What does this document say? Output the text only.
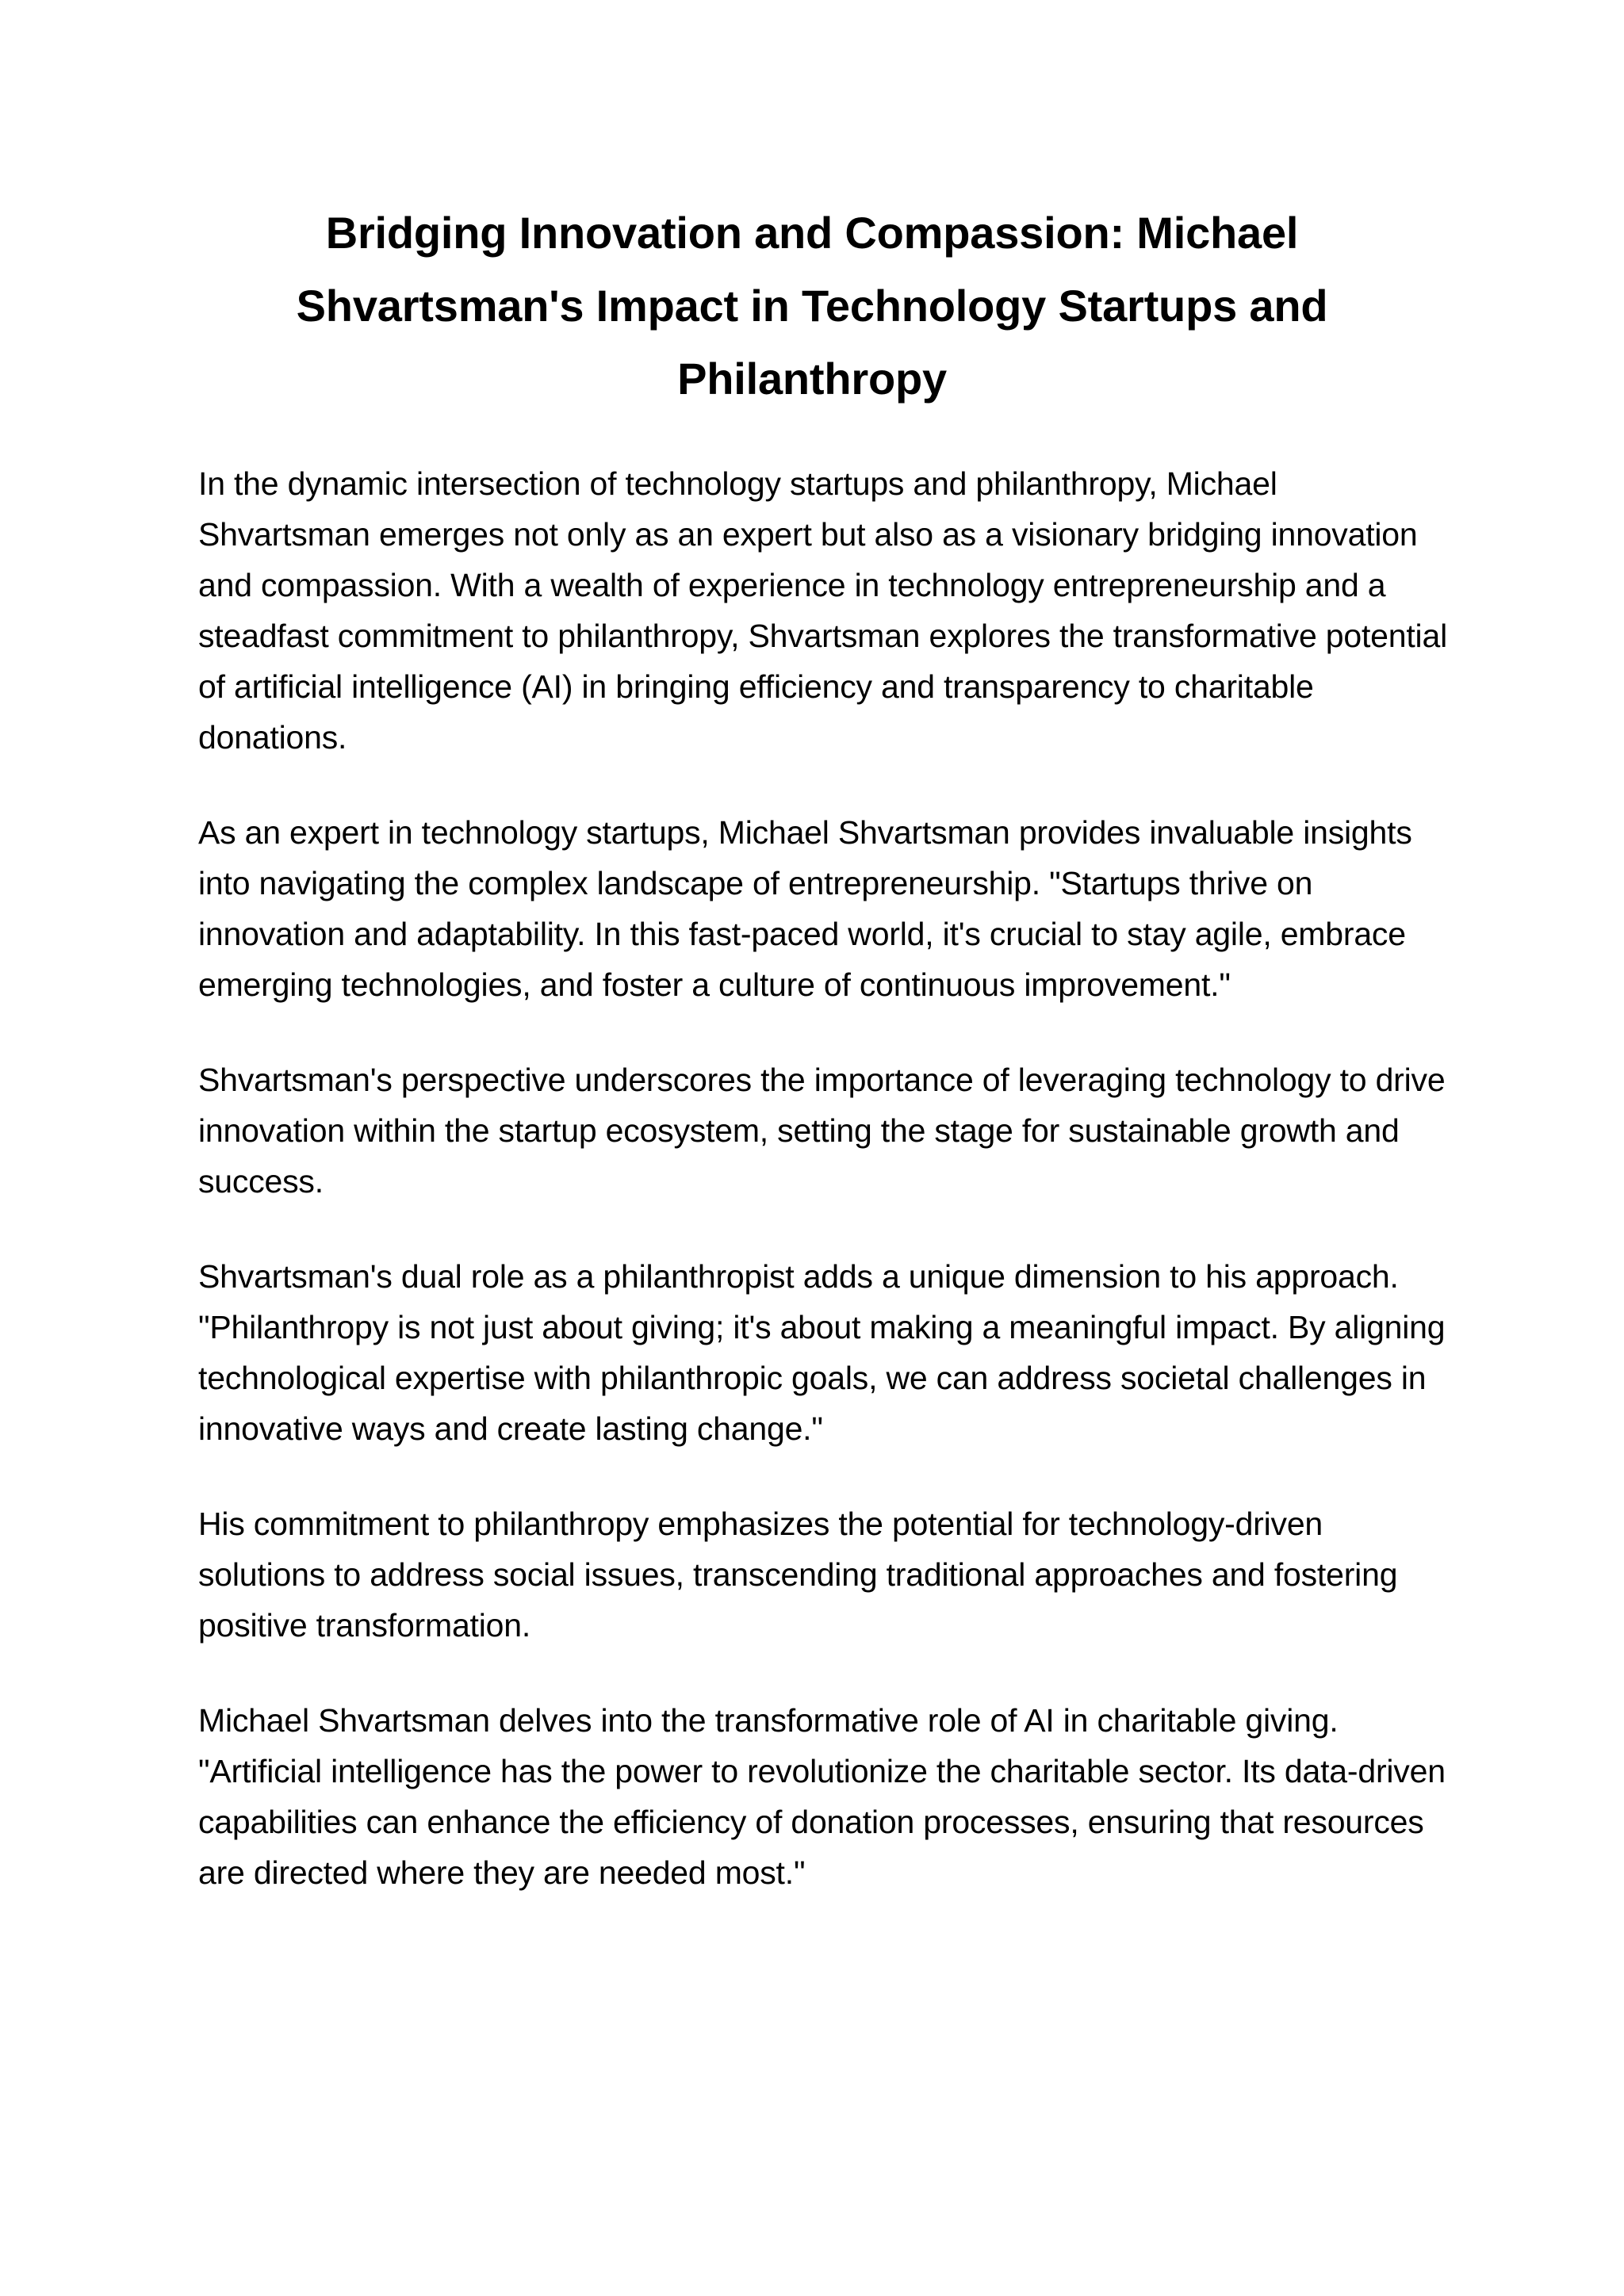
Bridging Innovation and Compassion: Michael Shvartsman's Impact in Technology Startups and Philanthropy

In the dynamic intersection of technology startups and philanthropy, Michael Shvartsman emerges not only as an expert but also as a visionary bridging innovation and compassion. With a wealth of experience in technology entrepreneurship and a steadfast commitment to philanthropy, Shvartsman explores the transformative potential of artificial intelligence (AI) in bringing efficiency and transparency to charitable donations.

As an expert in technology startups, Michael Shvartsman provides invaluable insights into navigating the complex landscape of entrepreneurship. "Startups thrive on innovation and adaptability. In this fast-paced world, it's crucial to stay agile, embrace emerging technologies, and foster a culture of continuous improvement."

Shvartsman's perspective underscores the importance of leveraging technology to drive innovation within the startup ecosystem, setting the stage for sustainable growth and success.

Shvartsman's dual role as a philanthropist adds a unique dimension to his approach. "Philanthropy is not just about giving; it's about making a meaningful impact. By aligning technological expertise with philanthropic goals, we can address societal challenges in innovative ways and create lasting change."

His commitment to philanthropy emphasizes the potential for technology-driven solutions to address social issues, transcending traditional approaches and fostering positive transformation.

Michael Shvartsman delves into the transformative role of AI in charitable giving. "Artificial intelligence has the power to revolutionize the charitable sector. Its data-driven capabilities can enhance the efficiency of donation processes, ensuring that resources are directed where they are needed most."
